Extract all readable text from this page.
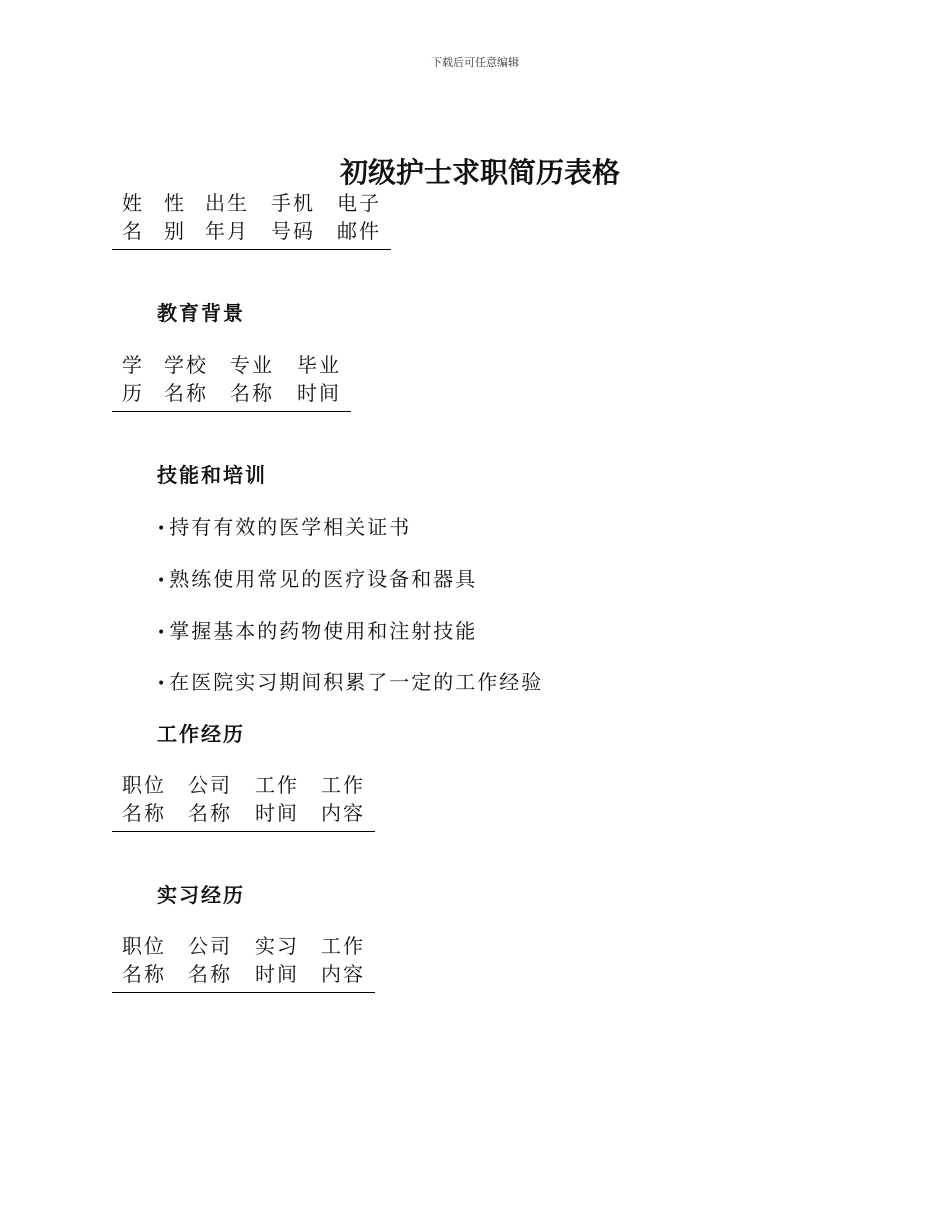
下载后可任意编辑
初级护士求职简历表格
姓
名
性
别
出生
年月
手机
号码
电子
邮件
教育背景
学
历
学校
名称
专业
名称
毕业
时间
技能和培训
• 持有有效的医学相关证书
• 熟练使用常见的医疗设备和器具
• 掌握基本的药物使用和注射技能
• 在医院实习期间积累了一定的工作经验
工作经历
职位
名称
公司
名称
工作
时间
工作
内容
实习经历
职位
名称
公司
名称
实习
时间
工作
内容
